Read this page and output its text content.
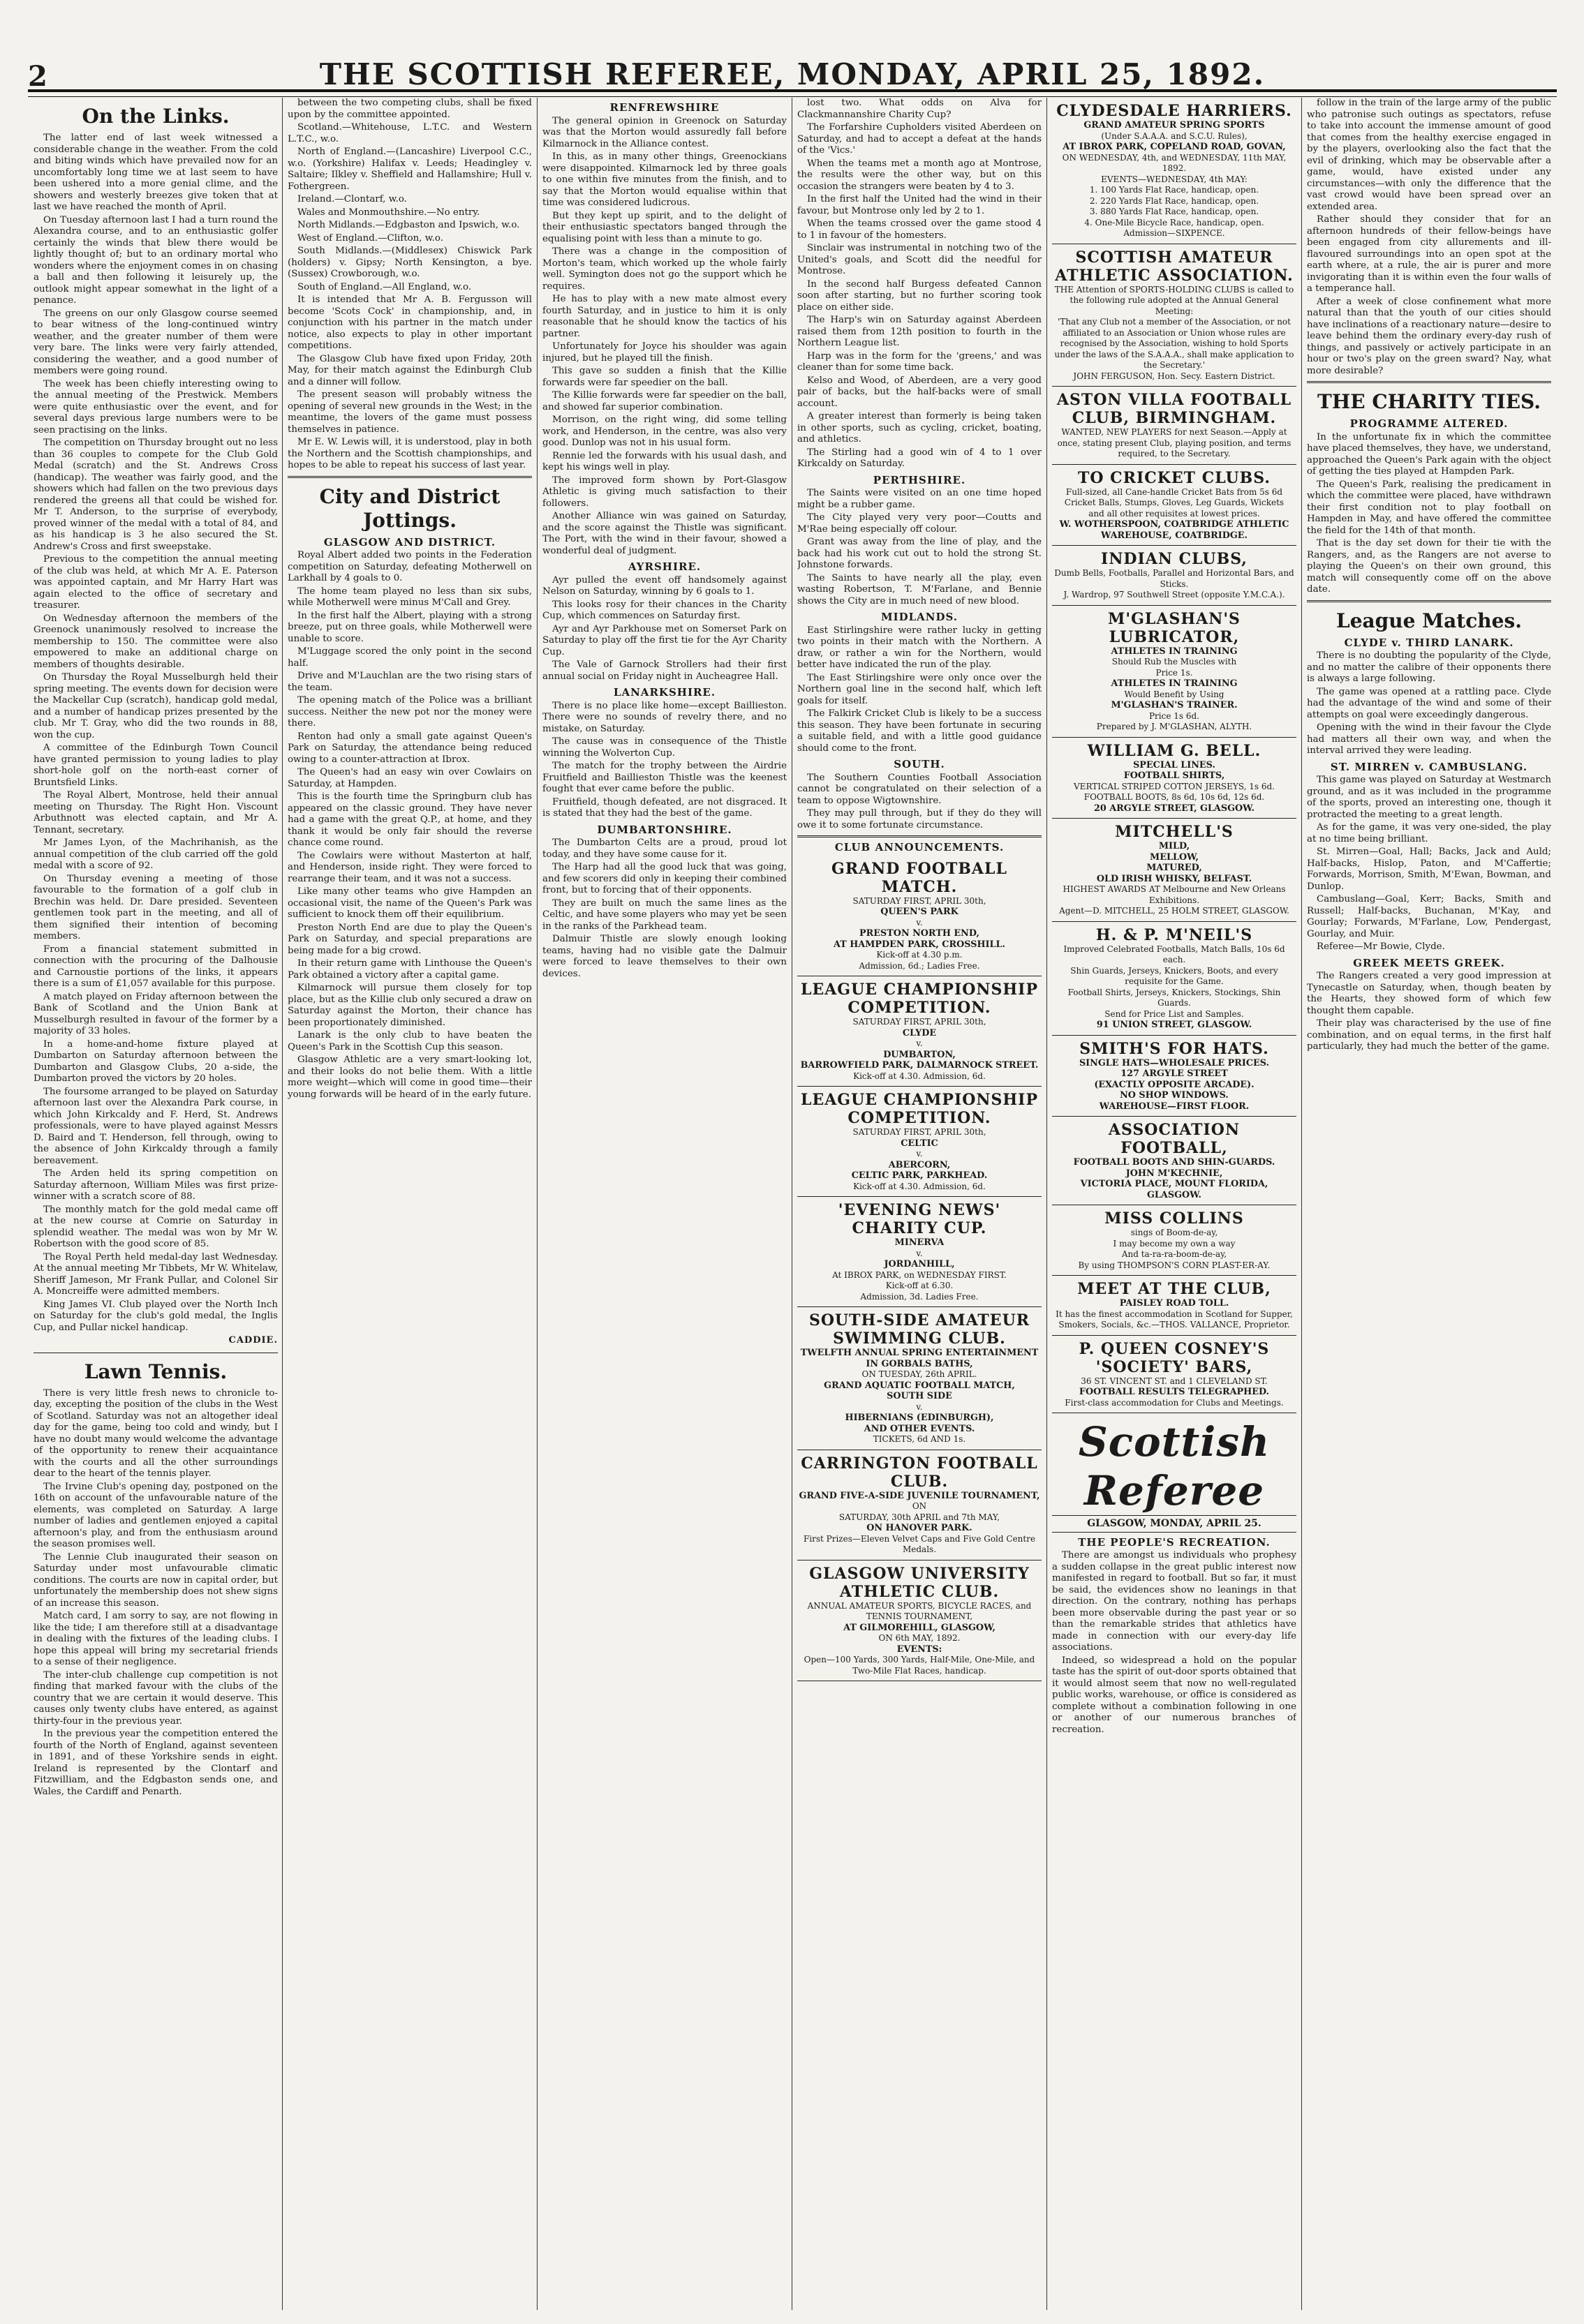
2	THE SCOTTISH REFEREE, MONDAY, APRIL 25, 1892.
On the Links.

The latter end of last week witnessed a considerable change in the weather. From the cold and biting winds which have prevailed now for an uncomfortably long time we at last seem to have been ushered into a more genial clime, and the showers and westerly breezes give token that at last we have reached the month of April.

On Tuesday afternoon last I had a turn round the Alexandra course, and to an enthusiastic golfer certainly the winds that blew there would be lightly thought of; but to an ordinary mortal who wonders where the enjoyment comes in on chasing a ball and then following it leisurely up, the outlook might appear somewhat in the light of a penance.

The greens on our only Glasgow course seemed to bear witness of the long-continued wintry weather, and the greater number of them were very bare. The links were very fairly attended, considering the weather, and a good number of members were going round.

The week has been chiefly interesting owing to the annual meeting of the Prestwick. Members were quite enthusiastic over the event, and for several days previous large numbers were to be seen practising on the links.

The competition on Thursday brought out no less than 36 couples to compete for the Club Gold Medal (scratch) and the St. Andrews Cross (handicap). The weather was fairly good, and the showers which had fallen on the two previous days rendered the greens all that could be wished for. Mr T. Anderson, to the surprise of everybody, proved winner of the medal with a total of 84, and as his handicap is 3 he also secured the St. Andrew's Cross and first sweepstake.

Previous to the competition the annual meeting of the club was held, at which Mr A. E. Paterson was appointed captain, and Mr Harry Hart was again elected to the office of secretary and treasurer.

On Wednesday afternoon the members of the Greenock unanimously resolved to increase the membership to 150. The committee were also empowered to make an additional charge on members of thoughts desirable.

On Thursday the Royal Musselburgh held their spring meeting. The events down for decision were the Mackellar Cup (scratch), handicap gold medal, and a number of handicap prizes presented by the club. Mr T. Gray, who did the two rounds in 88, won the cup.

A committee of the Edinburgh Town Council have granted permission to young ladies to play short-hole golf on the north-east corner of Bruntsfield Links.

The Royal Albert, Montrose, held their annual meeting on Thursday. The Right Hon. Viscount Arbuthnott was elected captain, and Mr A. Tennant, secretary.

Mr James Lyon, of the Machrihanish, as the annual competition of the club carried off the gold medal with a score of 92.

On Thursday evening a meeting of those favourable to the formation of a golf club in Brechin was held. Dr. Dare presided. Seventeen gentlemen took part in the meeting, and all of them signified their intention of becoming members.

From a financial statement submitted in connection with the procuring of the Dalhousie and Carnoustie portions of the links, it appears there is a sum of £1,057 available for this purpose.

A match played on Friday afternoon between the Bank of Scotland and the Union Bank at Musselburgh resulted in favour of the former by a majority of 33 holes.

In a home-and-home fixture played at Dumbarton on Saturday afternoon between the Dumbarton and Glasgow Clubs, 20 a-side, the Dumbarton proved the victors by 20 holes.

The foursome arranged to be played on Saturday afternoon last over the Alexandra Park course, in which John Kirkcaldy and F. Herd, St. Andrews professionals, were to have played against Messrs D. Baird and T. Henderson, fell through, owing to the absence of John Kirkcaldy through a family bereavement.

The Arden held its spring competition on Saturday afternoon, William Miles was first prize-winner with a scratch score of 88.

The monthly match for the gold medal came off at the new course at Comrie on Saturday in splendid weather. The medal was won by Mr W. Robertson with the good score of 85.

The Royal Perth held medal-day last Wednesday. At the annual meeting Mr Tibbets, Mr W. Whitelaw, Sheriff Jameson, Mr Frank Pullar, and Colonel Sir A. Moncreiffe were admitted members.

King James VI. Club played over the North Inch on Saturday for the club's gold medal, the Inglis Cup, and Pullar nickel handicap.

CADDIE.
Lawn Tennis.

There is very little fresh news to chronicle to-day, excepting the position of the clubs in the West of Scotland. Saturday was not an altogether ideal day for the game, being too cold and windy, but I have no doubt many would welcome the advantage of the opportunity to renew their acquaintance with the courts and all the other surroundings dear to the heart of the tennis player.

The Irvine Club's opening day, postponed on the 16th on account of the unfavourable nature of the elements, was completed on Saturday. A large number of ladies and gentlemen enjoyed a capital afternoon's play, and from the enthusiasm around the season promises well.

The Lennie Club inaugurated their season on Saturday under most unfavourable climatic conditions. The courts are now in capital order, but unfortunately the membership does not shew signs of an increase this season.

Match card, I am sorry to say, are not flowing in like the tide; I am therefore still at a disadvantage in dealing with the fixtures of the leading clubs. I hope this appeal will bring my secretarial friends to a sense of their negligence.

The inter-club challenge cup competition is not finding that marked favour with the clubs of the country that we are certain it would deserve. This causes only twenty clubs have entered, as against thirty-four in the previous year.

In the previous year the competition entered the fourth of the North of England, against seventeen in 1891, and of these Yorkshire sends in eight. Ireland is represented by the Clontarf and Fitzwilliam, and the Edgbaston sends one, and Wales, the Cardiff and Penarth.

between the two competing clubs, shall be fixed upon by the committee appointed.

Scotland.—Whitehouse, L.T.C. and Western L.T.C., w.o.

North of England.—(Lancashire) Liverpool C.C., w.o. (Yorkshire) Halifax v. Leeds; Headingley v. Saltaire; Ilkley v. Sheffield and Hallamshire; Hull v. Fothergreen.

Ireland.—Clontarf, w.o.

Wales and Monmouthshire.—No entry.

North Midlands.—Edgbaston and Ipswich, w.o.

West of England.—Clifton, w.o.

South Midlands.—(Middlesex) Chiswick Park (holders) v. Gipsy; North Kensington, a bye. (Sussex) Crowborough, w.o.

South of England.—All England, w.o.

It is intended that Mr A. B. Fergusson will become 'Scots Cock' in championship, and, in conjunction with his partner in the match under notice, also expects to play in other important competitions.

The Glasgow Club have fixed upon Friday, 20th May, for their match against the Edinburgh Club and a dinner will follow.

The present season will probably witness the opening of several new grounds in the West; in the meantime, the lovers of the game must possess themselves in patience.

Mr E. W. Lewis will, it is understood, play in both the Northern and the Scottish championships, and hopes to be able to repeat his success of last year.

City and District Jottings.
GLASGOW AND DISTRICT.

Royal Albert added two points in the Federation competition on Saturday, defeating Motherwell on Larkhall by 4 goals to 0.

The home team played no less than six subs, while Motherwell were minus M'Call and Grey.

In the first half the Albert, playing with a strong breeze, put on three goals, while Motherwell were unable to score.

M'Luggage scored the only point in the second half.

Drive and M'Lauchlan are the two rising stars of the team.

The opening match of the Police was a brilliant success. Neither the new pot nor the money were there.

Renton had only a small gate against Queen's Park on Saturday, the attendance being reduced owing to a counter-attraction at Ibrox.

The Queen's had an easy win over Cowlairs on Saturday, at Hampden.

This is the fourth time the Springburn club has appeared on the classic ground. They have never had a game with the great Q.P., at home, and they thank it would be only fair should the reverse chance come round.

The Cowlairs were without Masterton at half, and Henderson, inside right. They were forced to rearrange their team, and it was not a success.

Like many other teams who give Hampden an occasional visit, the name of the Queen's Park was sufficient to knock them off their equilibrium.

Preston North End are due to play the Queen's Park on Saturday, and special preparations are being made for a big crowd.

In their return game with Linthouse the Queen's Park obtained a victory after a capital game.

Kilmarnock will pursue them closely for top place, but as the Killie club only secured a draw on Saturday against the Morton, their chance has been proportionately diminished.

Lanark is the only club to have beaten the Queen's Park in the Scottish Cup this season.

Glasgow Athletic are a very smart-looking lot, and their looks do not belie them. With a little more weight—which will come in good time—their young forwards will be heard of in the early future.

RENFREWSHIRE

The general opinion in Greenock on Saturday was that the Morton would assuredly fall before Kilmarnock in the Alliance contest.

In this, as in many other things, Greenockians were disappointed. Kilmarnock led by three goals to one within five minutes from the finish, and to say that the Morton would equalise within that time was considered ludicrous.

But they kept up spirit, and to the delight of their enthusiastic spectators banged through the equalising point with less than a minute to go.

There was a change in the composition of Morton's team, which worked up the whole fairly well. Symington does not go the support which he requires.

He has to play with a new mate almost every fourth Saturday, and in justice to him it is only reasonable that he should know the tactics of his partner.

Unfortunately for Joyce his shoulder was again injured, but he played till the finish.

This gave so sudden a finish that the Killie forwards were far speedier on the ball.

The Killie forwards were far speedier on the ball, and showed far superior combination.

Morrison, on the right wing, did some telling work, and Henderson, in the centre, was also very good. Dunlop was not in his usual form.

Rennie led the forwards with his usual dash, and kept his wings well in play.

The improved form shown by Port-Glasgow Athletic is giving much satisfaction to their followers.

Another Alliance win was gained on Saturday, and the score against the Thistle was significant. The Port, with the wind in their favour, showed a wonderful deal of judgment.

AYRSHIRE.

Ayr pulled the event off handsomely against Nelson on Saturday, winning by 6 goals to 1.

This looks rosy for their chances in the Charity Cup, which commences on Saturday first.

Ayr and Ayr Parkhouse met on Somerset Park on Saturday to play off the first tie for the Ayr Charity Cup.

The Vale of Garnock Strollers had their first annual social on Friday night in Aucheagree Hall.

LANARKSHIRE.

There is no place like home—except Baillieston. There were no sounds of revelry there, and no mistake, on Saturday.

The cause was in consequence of the Thistle winning the Wolverton Cup.

The match for the trophy between the Airdrie Fruitfield and Baillieston Thistle was the keenest fought that ever came before the public.

Fruitfield, though defeated, are not disgraced. It is stated that they had the best of the game.

DUMBARTONSHIRE.

The Dumbarton Celts are a proud, proud lot today, and they have some cause for it.

The Harp had all the good luck that was going, and few scorers did only in keeping their combined front, but to forcing that of their opponents.

They are built on much the same lines as the Celtic, and have some players who may yet be seen in the ranks of the Parkhead team.

Dalmuir Thistle are slowly enough looking teams, having had no visible gate the Dalmuir were forced to leave themselves to their own devices.

lost two. What odds on Alva for Clackmannanshire Charity Cup?

The Forfarshire Cupholders visited Aberdeen on Saturday, and had to accept a defeat at the hands of the 'Vics.'

When the teams met a month ago at Montrose, the results were the other way, but on this occasion the strangers were beaten by 4 to 3.

In the first half the United had the wind in their favour, but Montrose only led by 2 to 1.

When the teams crossed over the game stood 4 to 1 in favour of the homesters.

Sinclair was instrumental in notching two of the United's goals, and Scott did the needful for Montrose.

In the second half Burgess defeated Cannon soon after starting, but no further scoring took place on either side.

The Harp's win on Saturday against Aberdeen raised them from 12th position to fourth in the Northern League list.

Harp was in the form for the 'greens,' and was cleaner than for some time back.

Kelso and Wood, of Aberdeen, are a very good pair of backs, but the half-backs were of small account.

A greater interest than formerly is being taken in other sports, such as cycling, cricket, boating, and athletics.

The Stirling had a good win of 4 to 1 over Kirkcaldy on Saturday.

PERTHSHIRE.

The Saints were visited on an one time hoped might be a rubber game.

The City played very very poor—Coutts and M'Rae being especially off colour.

Grant was away from the line of play, and the back had his work cut out to hold the strong St. Johnstone forwards.

The Saints to have nearly all the play, even wasting Robertson, T. M'Farlane, and Bennie shows the City are in much need of new blood.

MIDLANDS.

East Stirlingshire were rather lucky in getting two points in their match with the Northern. A draw, or rather a win for the Northern, would better have indicated the run of the play.

The East Stirlingshire were only once over the Northern goal line in the second half, which left goals for itself.

The Falkirk Cricket Club is likely to be a success this season. They have been fortunate in securing a suitable field, and with a little good guidance should come to the front.

SOUTH.

The Southern Counties Football Association cannot be congratulated on their selection of a team to oppose Wigtownshire.

They may pull through, but if they do they will owe it to some fortunate circumstance.

CLUB ANNOUNCEMENTS.
GRAND FOOTBALL MATCH.
SATURDAY FIRST, APRIL 30th,
QUEEN'S PARK
v.
PRESTON NORTH END,
AT HAMPDEN PARK, CROSSHILL.
Kick-off at 4.30 p.m.
Admission, 6d.; Ladies Free.
LEAGUE CHAMPIONSHIP COMPETITION.
SATURDAY FIRST, APRIL 30th,
CLYDE
v.
DUMBARTON,
BARROWFIELD PARK, DALMARNOCK STREET.
Kick-off at 4.30. Admission, 6d.
LEAGUE CHAMPIONSHIP COMPETITION.
SATURDAY FIRST, APRIL 30th,
CELTIC
v.
ABERCORN,
CELTIC PARK, PARKHEAD.
Kick-off at 4.30. Admission, 6d.
'EVENING NEWS' CHARITY CUP.
MINERVA
v.
JORDANHILL,
At IBROX PARK, on WEDNESDAY FIRST.
Kick-off at 6.30.
Admission, 3d. Ladies Free.
SOUTH-SIDE AMATEUR SWIMMING CLUB.
TWELFTH ANNUAL SPRING ENTERTAINMENT
IN GORBALS BATHS,
ON TUESDAY, 26th APRIL.
GRAND AQUATIC FOOTBALL MATCH,
SOUTH SIDE
v.
HIBERNIANS (EDINBURGH),
AND OTHER EVENTS.
TICKETS, 6d AND 1s.
CARRINGTON FOOTBALL CLUB.
GRAND FIVE-A-SIDE JUVENILE TOURNAMENT,
ON
SATURDAY, 30th APRIL and 7th MAY,
ON HANOVER PARK.
First Prizes—Eleven Velvet Caps and Five Gold Centre Medals.
GLASGOW UNIVERSITY ATHLETIC CLUB.
ANNUAL AMATEUR SPORTS, BICYCLE RACES, and TENNIS TOURNAMENT,
AT GILMOREHILL, GLASGOW,
ON 6th MAY, 1892.
EVENTS:
Open—100 Yards, 300 Yards, Half-Mile, One-Mile, and Two-Mile Flat Races, handicap.
CLYDESDALE HARRIERS.
GRAND AMATEUR SPRING SPORTS
(Under S.A.A.A. and S.C.U. Rules),
AT IBROX PARK, COPELAND ROAD, GOVAN,
ON WEDNESDAY, 4th, and WEDNESDAY, 11th MAY, 1892.
EVENTS—WEDNESDAY, 4th MAY:
1. 100 Yards Flat Race, handicap, open.
2. 220 Yards Flat Race, handicap, open.
3. 880 Yards Flat Race, handicap, open.
4. One-Mile Bicycle Race, handicap, open.
Admission—SIXPENCE.
SCOTTISH AMATEUR ATHLETIC ASSOCIATION.
THE Attention of SPORTS-HOLDING CLUBS is called to the following rule adopted at the Annual General Meeting:
'That any Club not a member of the Association, or not affiliated to an Association or Union whose rules are recognised by the Association, wishing to hold Sports under the laws of the S.A.A.A., shall make application to the Secretary.'
JOHN FERGUSON, Hon. Secy. Eastern District.
ASTON VILLA FOOTBALL CLUB, BIRMINGHAM.
WANTED, NEW PLAYERS for next Season.—Apply at once, stating present Club, playing position, and terms required, to the Secretary.
TO CRICKET CLUBS.
Full-sized, all Cane-handle Cricket Bats from 5s 6d
Cricket Balls, Stumps, Gloves, Leg Guards, Wickets
and all other requisites at lowest prices.
W. WOTHERSPOON, COATBRIDGE ATHLETIC WAREHOUSE, COATBRIDGE.
INDIAN CLUBS,
Dumb Bells, Footballs, Parallel and Horizontal Bars, and Sticks.
J. Wardrop, 97 Southwell Street (opposite Y.M.C.A.).
M'GLASHAN'S LUBRICATOR,
ATHLETES IN TRAINING
Should Rub the Muscles with
Price 1s.
ATHLETES IN TRAINING
Would Benefit by Using
M'GLASHAN'S TRAINER.
Price 1s 6d.
Prepared by J. M'GLASHAN, ALYTH.
WILLIAM G. BELL.
SPECIAL LINES.
FOOTBALL SHIRTS,
VERTICAL STRIPED COTTON JERSEYS, 1s 6d.
FOOTBALL BOOTS, 8s 6d, 10s 6d, 12s 6d.
20 ARGYLE STREET, GLASGOW.
MITCHELL'S
MILD,
MELLOW,
MATURED,
OLD IRISH WHISKY, BELFAST.
HIGHEST AWARDS AT Melbourne and New Orleans Exhibitions.
Agent—D. MITCHELL, 25 HOLM STREET, GLASGOW.
H. & P. M'NEIL'S
Improved Celebrated Footballs, Match Balls, 10s 6d each.
Shin Guards, Jerseys, Knickers, Boots, and every requisite for the Game.
Football Shirts, Jerseys, Knickers, Stockings, Shin Guards.
Send for Price List and Samples.
91 UNION STREET, GLASGOW.
SMITH'S FOR HATS.
SINGLE HATS—WHOLESALE PRICES.
127 ARGYLE STREET
(EXACTLY OPPOSITE ARCADE).
NO SHOP WINDOWS.
WAREHOUSE—FIRST FLOOR.
ASSOCIATION FOOTBALL,
FOOTBALL BOOTS AND SHIN-GUARDS.
JOHN M'KECHNIE,
VICTORIA PLACE, MOUNT FLORIDA, GLASGOW.
MISS COLLINS
sings of Boom-de-ay,
I may become my own a way
And ta-ra-ra-boom-de-ay,
By using THOMPSON'S CORN PLAST-ER-AY.
MEET AT THE CLUB,
PAISLEY ROAD TOLL.
It has the finest accommodation in Scotland for Supper, Smokers, Socials, &c.—THOS. VALLANCE, Proprietor.
P. QUEEN COSNEY'S 'SOCIETY' BARS,
36 ST. VINCENT ST. and 1 CLEVELAND ST.
FOOTBALL RESULTS TELEGRAPHED.
First-class accommodation for Clubs and Meetings.
Scottish Referee
GLASGOW, MONDAY, APRIL 25.
THE PEOPLE'S RECREATION.

There are amongst us individuals who prophesy a sudden collapse in the great public interest now manifested in regard to football. But so far, it must be said, the evidences show no leanings in that direction. On the contrary, nothing has perhaps been more observable during the past year or so than the remarkable strides that athletics have made in connection with our every-day life associations.

Indeed, so widespread a hold on the popular taste has the spirit of out-door sports obtained that it would almost seem that now no well-regulated public works, warehouse, or office is considered as complete without a combination following in one or another of our numerous branches of recreation.

follow in the train of the large army of the public who patronise such outings as spectators, refuse to take into account the immense amount of good that comes from the healthy exercise engaged in by the players, overlooking also the fact that the evil of drinking, which may be observable after a game, would, have existed under any circumstances—with only the difference that the vast crowd would have been spread over an extended area.

Rather should they consider that for an afternoon hundreds of their fellow-beings have been engaged from city allurements and ill-flavoured surroundings into an open spot at the earth where, at a rule, the air is purer and more invigorating than it is within even the four walls of a temperance hall.

After a week of close confinement what more natural than that the youth of our cities should have inclinations of a reactionary nature—desire to leave behind them the ordinary every-day rush of things, and passively or actively participate in an hour or two's play on the green sward? Nay, what more desirable?

THE CHARITY TIES.
PROGRAMME ALTERED.

In the unfortunate fix in which the committee have placed themselves, they have, we understand, approached the Queen's Park again with the object of getting the ties played at Hampden Park.

The Queen's Park, realising the predicament in which the committee were placed, have withdrawn their first condition not to play football on Hampden in May, and have offered the committee the field for the 14th of that month.

That is the day set down for their tie with the Rangers, and, as the Rangers are not averse to playing the Queen's on their own ground, this match will consequently come off on the above date.

League Matches.
CLYDE v. THIRD LANARK.

There is no doubting the popularity of the Clyde, and no matter the calibre of their opponents there is always a large following.

The game was opened at a rattling pace. Clyde had the advantage of the wind and some of their attempts on goal were exceedingly dangerous.

Opening with the wind in their favour the Clyde had matters all their own way, and when the interval arrived they were leading.

ST. MIRREN v. CAMBUSLANG.

This game was played on Saturday at Westmarch ground, and as it was included in the programme of the sports, proved an interesting one, though it protracted the meeting to a great length.

As for the game, it was very one-sided, the play at no time being brilliant.

St. Mirren—Goal, Hall; Backs, Jack and Auld; Half-backs, Hislop, Paton, and M'Caffertie; Forwards, Morrison, Smith, M'Ewan, Bowman, and Dunlop.

Cambuslang—Goal, Kerr; Backs, Smith and Russell; Half-backs, Buchanan, M'Kay, and Gourlay; Forwards, M'Farlane, Low, Pendergast, Gourlay, and Muir.

Referee—Mr Bowie, Clyde.

GREEK MEETS GREEK.

The Rangers created a very good impression at Tynecastle on Saturday, when, though beaten by the Hearts, they showed form of which few thought them capable.

Their play was characterised by the use of fine combination, and on equal terms, in the first half particularly, they had much the better of the game.
